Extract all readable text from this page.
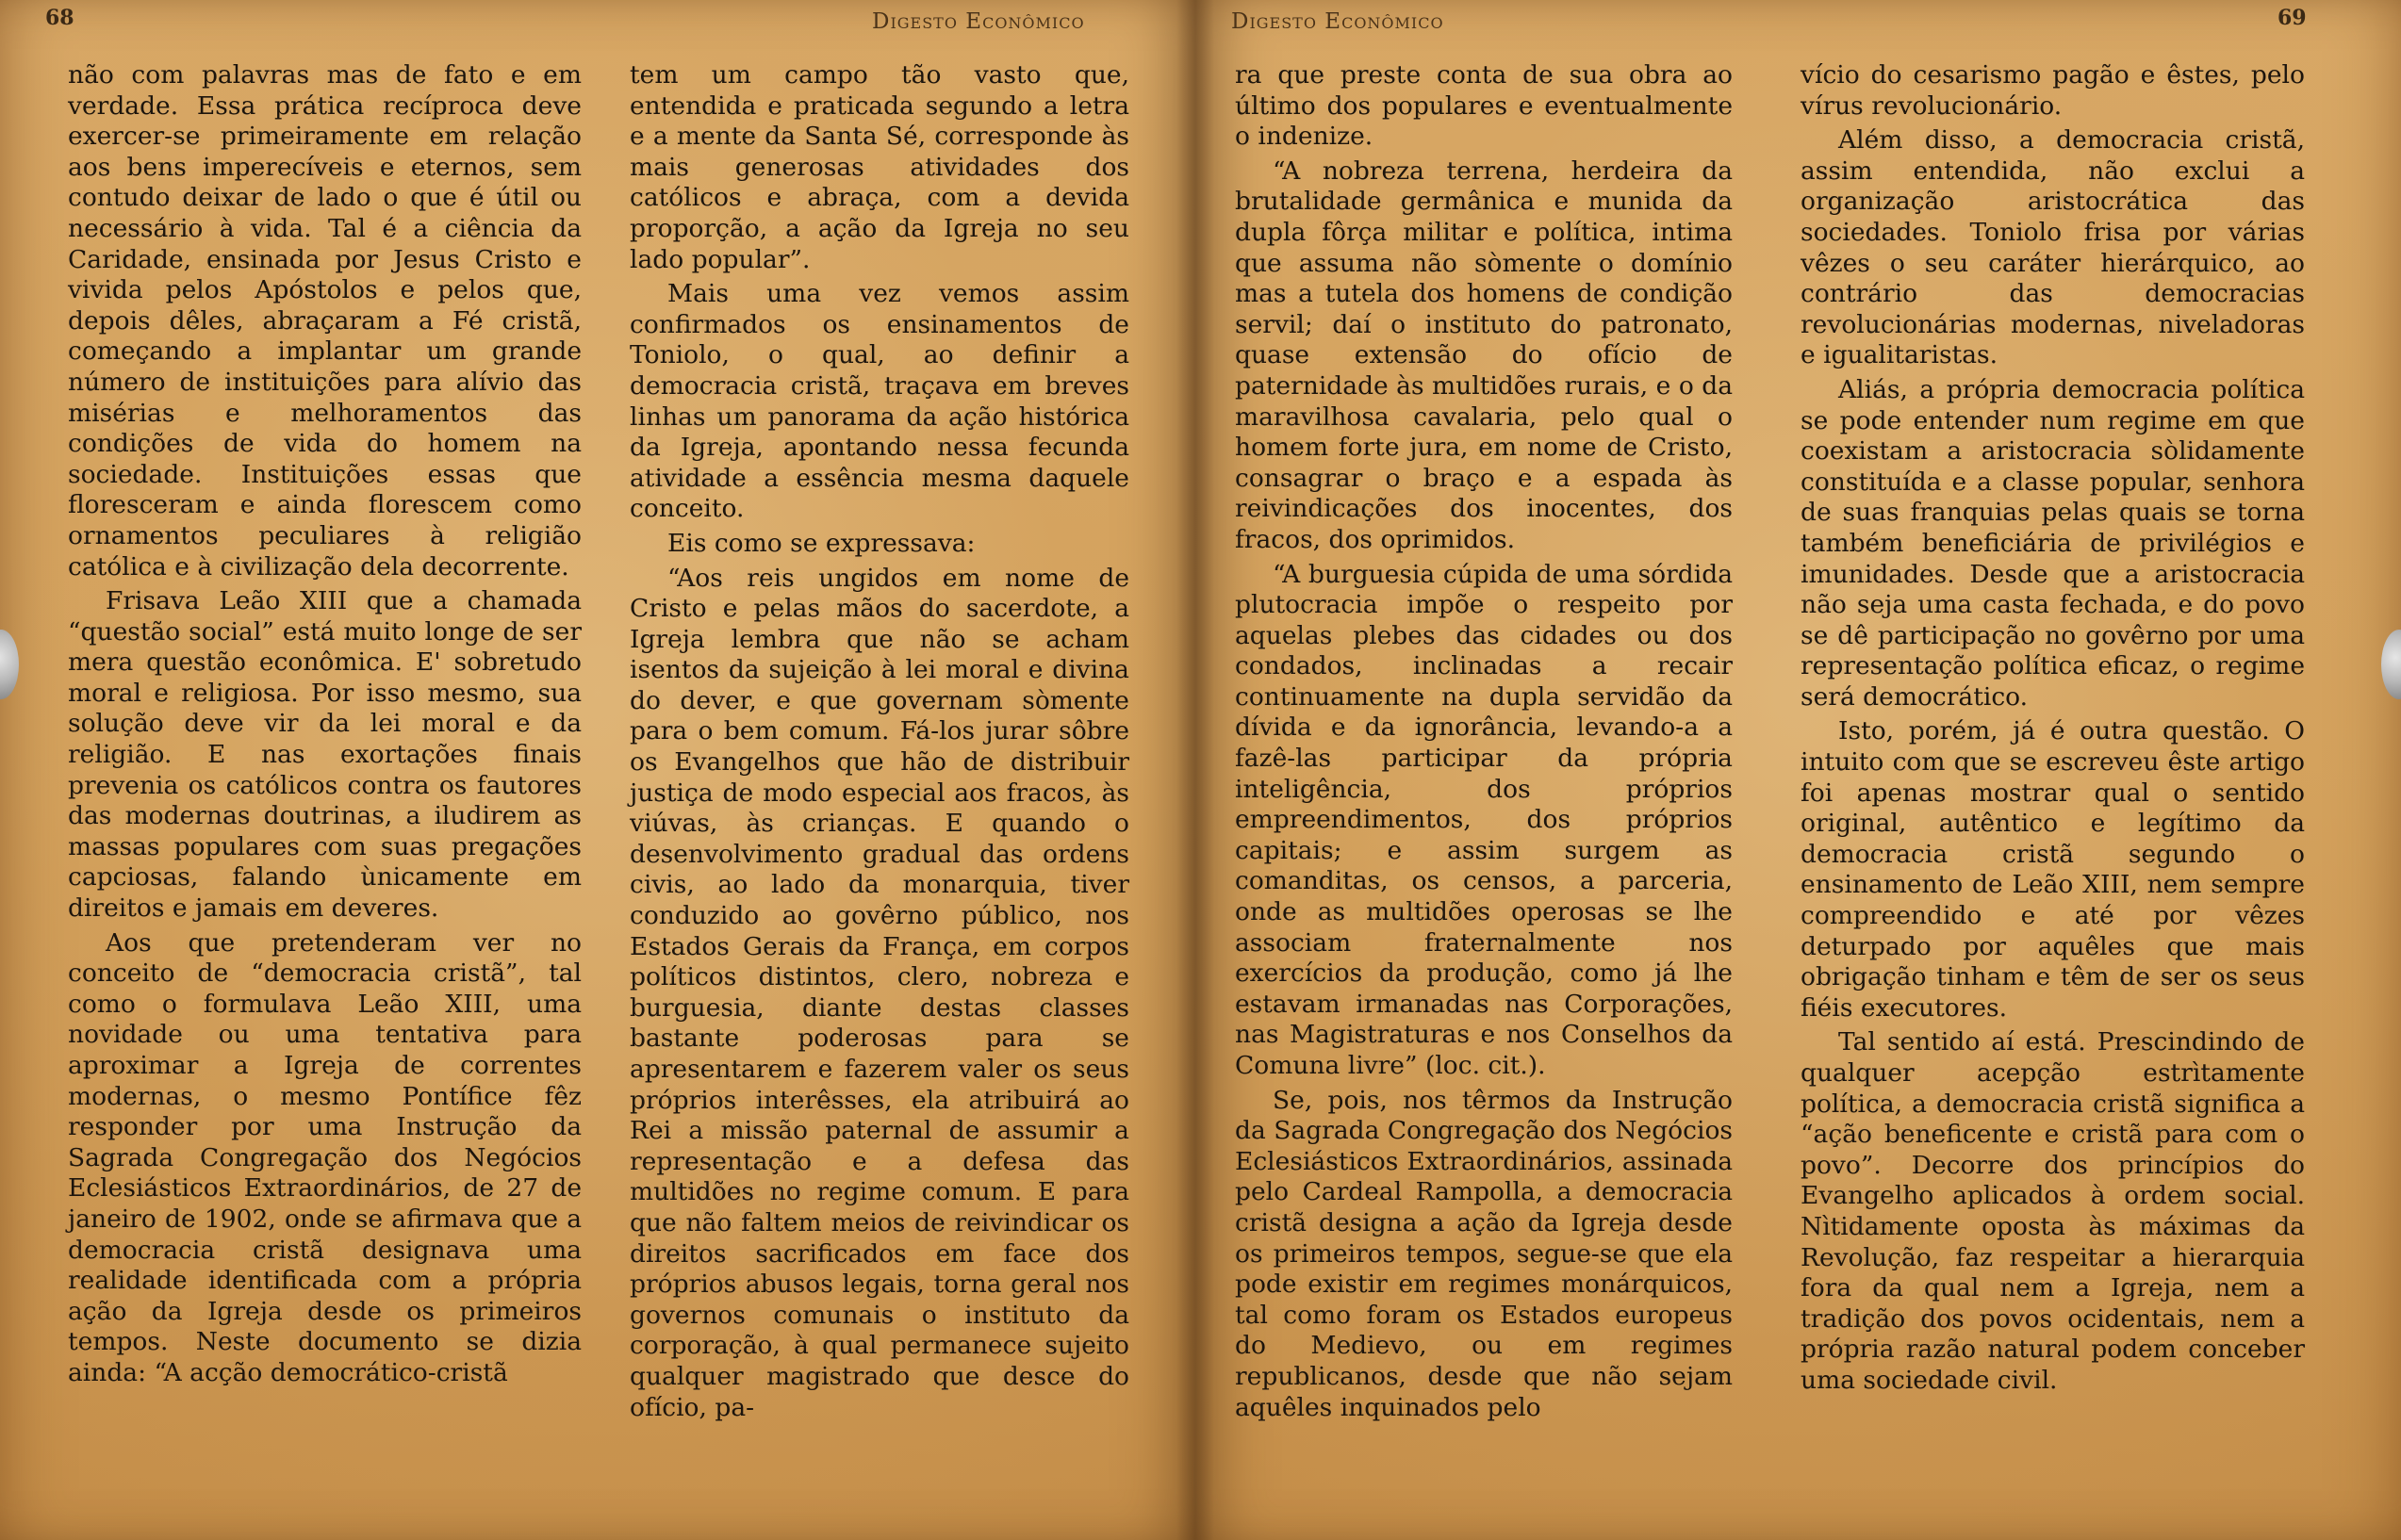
68	Digesto Econômico

não com palavras mas de fato e em verdade. Essa prática recíproca deve exercer-se primeiramente em relação aos bens imperecíveis e eternos, sem contudo deixar de lado o que é útil ou necessário à vida. Tal é a ciência da Caridade, ensinada por Jesus Cristo e vivida pelos Apóstolos e pelos que, depois dêles, abraçaram a Fé cristã, começando a implantar um grande número de instituições para alívio das misérias e melhoramentos das condições de vida do homem na sociedade. Instituições essas que floresceram e ainda florescem como ornamentos peculiares à religião católica e à civilização dela decorrente.

Frisava Leão XIII que a chamada “questão social” está muito longe de ser mera questão econômica. E' sobretudo moral e religiosa. Por isso mesmo, sua solução deve vir da lei moral e da religião. E nas exortações finais prevenia os católicos contra os fautores das modernas doutrinas, a iludirem as massas populares com suas pregações capciosas, falando ùnicamente em direitos e jamais em deveres.

Aos que pretenderam ver no conceito de “democracia cristã”, tal como o formulava Leão XIII, uma novidade ou uma tentativa para aproximar a Igreja de correntes modernas, o mesmo Pontífice fêz responder por uma Instrução da Sagrada Congregação dos Negócios Eclesiásticos Extraordinários, de 27 de janeiro de 1902, onde se afirmava que a democracia cristã designava uma realidade identificada com a própria ação da Igreja desde os primeiros tempos. Neste documento se dizia ainda: “A acção democrático-cristã

tem um campo tão vasto que, entendida e praticada segundo a letra e a mente da Santa Sé, corresponde às mais generosas atividades dos católicos e abraça, com a devida proporção, a ação da Igreja no seu lado popular”.

Mais uma vez vemos assim confirmados os ensinamentos de Toniolo, o qual, ao definir a democracia cristã, traçava em breves linhas um panorama da ação histórica da Igreja, apontando nessa fecunda atividade a essência mesma daquele conceito.

Eis como se expressava:

“Aos reis ungidos em nome de Cristo e pelas mãos do sacerdote, a Igreja lembra que não se acham isentos da sujeição à lei moral e divina do dever, e que governam sòmente para o bem comum. Fá-los jurar sôbre os Evangelhos que hão de distribuir justiça de modo especial aos fracos, às viúvas, às crianças. E quando o desenvolvimento gradual das ordens civis, ao lado da monarquia, tiver conduzido ao govêrno público, nos Estados Gerais da França, em corpos políticos distintos, clero, nobreza e burguesia, diante destas classes bastante poderosas para se apresentarem e fazerem valer os seus próprios interêsses, ela atribuirá ao Rei a missão paternal de assumir a representação e a defesa das multidões no regime comum. E para que não faltem meios de reivindicar os direitos sacrificados em face dos próprios abusos legais, torna geral nos governos comunais o instituto da corporação, à qual permanece sujeito qualquer magistrado que desce do ofício, pa-

Digesto Econômico	69

ra que preste conta de sua obra ao último dos populares e eventualmente o indenize.

“A nobreza terrena, herdeira da brutalidade germânica e munida da dupla fôrça militar e política, intima que assuma não sòmente o domínio mas a tutela dos homens de condição servil; daí o instituto do patronato, quase extensão do ofício de paternidade às multidões rurais, e o da maravilhosa cavalaria, pelo qual o homem forte jura, em nome de Cristo, consagrar o braço e a espada às reivindicações dos inocentes, dos fracos, dos oprimidos.

“A burguesia cúpida de uma sórdida plutocracia impõe o respeito por aquelas plebes das cidades ou dos condados, inclinadas a recair continuamente na dupla servidão da dívida e da ignorância, levando-a a fazê-las participar da própria inteligência, dos próprios empreendimentos, dos próprios capitais; e assim surgem as comanditas, os censos, a parceria, onde as multidões operosas se lhe associam fraternalmente nos exercícios da produção, como já lhe estavam irmanadas nas Corporações, nas Magistraturas e nos Conselhos da Comuna livre” (loc. cit.).

Se, pois, nos têrmos da Instrução da Sagrada Congregação dos Negócios Eclesiásticos Extraordinários, assinada pelo Cardeal Rampolla, a democracia cristã designa a ação da Igreja desde os primeiros tempos, segue-se que ela pode existir em regimes monárquicos, tal como foram os Estados europeus do Medievo, ou em regimes republicanos, desde que não sejam aquêles inquinados pelo

vício do cesarismo pagão e êstes, pelo vírus revolucionário.

Além disso, a democracia cristã, assim entendida, não exclui a organização aristocrática das sociedades. Toniolo frisa por várias vêzes o seu caráter hierárquico, ao contrário das democracias revolucionárias modernas, niveladoras e igualitaristas.

Aliás, a própria democracia política se pode entender num regime em que coexistam a aristocracia sòlidamente constituída e a classe popular, senhora de suas franquias pelas quais se torna também beneficiária de privilégios e imunidades. Desde que a aristocracia não seja uma casta fechada, e do povo se dê participação no govêrno por uma representação política eficaz, o regime será democrático.

Isto, porém, já é outra questão. O intuito com que se escreveu êste artigo foi apenas mostrar qual o sentido original, autêntico e legítimo da democracia cristã segundo o ensinamento de Leão XIII, nem sempre compreendido e até por vêzes deturpado por aquêles que mais obrigação tinham e têm de ser os seus fiéis executores.

Tal sentido aí está. Prescindindo de qualquer acepção estrìtamente política, a democracia cristã significa a “ação beneficente e cristã para com o povo”. Decorre dos princípios do Evangelho aplicados à ordem social. Nìtidamente oposta às máximas da Revolução, faz respeitar a hierarquia fora da qual nem a Igreja, nem a tradição dos povos ocidentais, nem a própria razão natural podem conceber uma sociedade civil.
